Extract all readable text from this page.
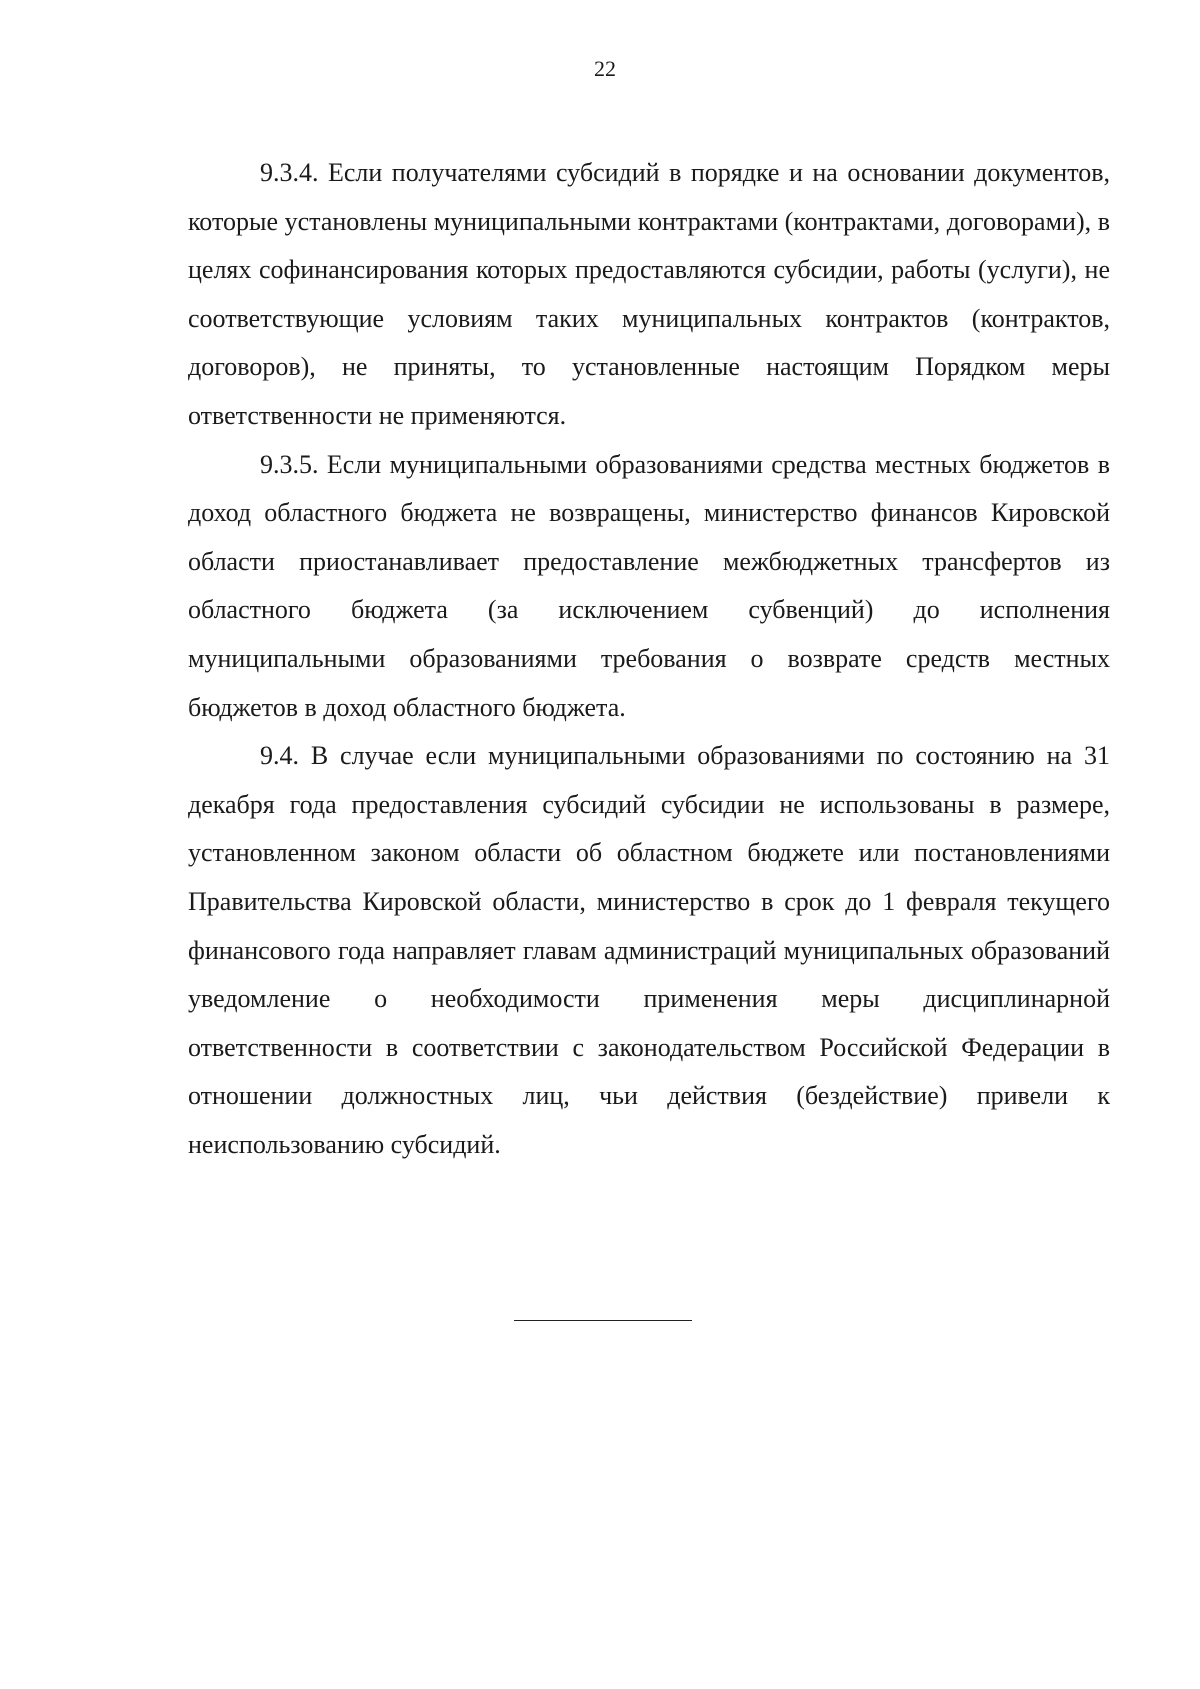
22

9.3.4. Если получателями субсидий в порядке и на основании документов, которые установлены муниципальными контрактами (контрактами, договорами), в целях софинансирования которых предоставляются субсидии, работы (услуги), не соответствующие условиям таких муниципальных контрактов (контрактов, договоров), не приняты, то установленные настоящим Порядком меры ответственности не применяются.

9.3.5. Если муниципальными образованиями средства местных бюджетов в доход областного бюджета не возвращены, министерство финансов Кировской области приостанавливает предоставление межбюджетных трансфертов из областного бюджета (за исключением субвенций) до исполнения муниципальными образованиями требования о возврате средств местных бюджетов в доход областного бюджета.

9.4. В случае если муниципальными образованиями по состоянию на 31 декабря года предоставления субсидий субсидии не использованы в размере, установленном законом области об областном бюджете или постановлениями Правительства Кировской области, министерство в срок до 1 февраля текущего финансового года направляет главам администраций муниципальных образований уведомление о необходимости применения меры дисциплинарной ответственности в соответствии с законодательством Российской Федерации в отношении должностных лиц, чьи действия (бездействие) привели к неиспользованию субсидий.
